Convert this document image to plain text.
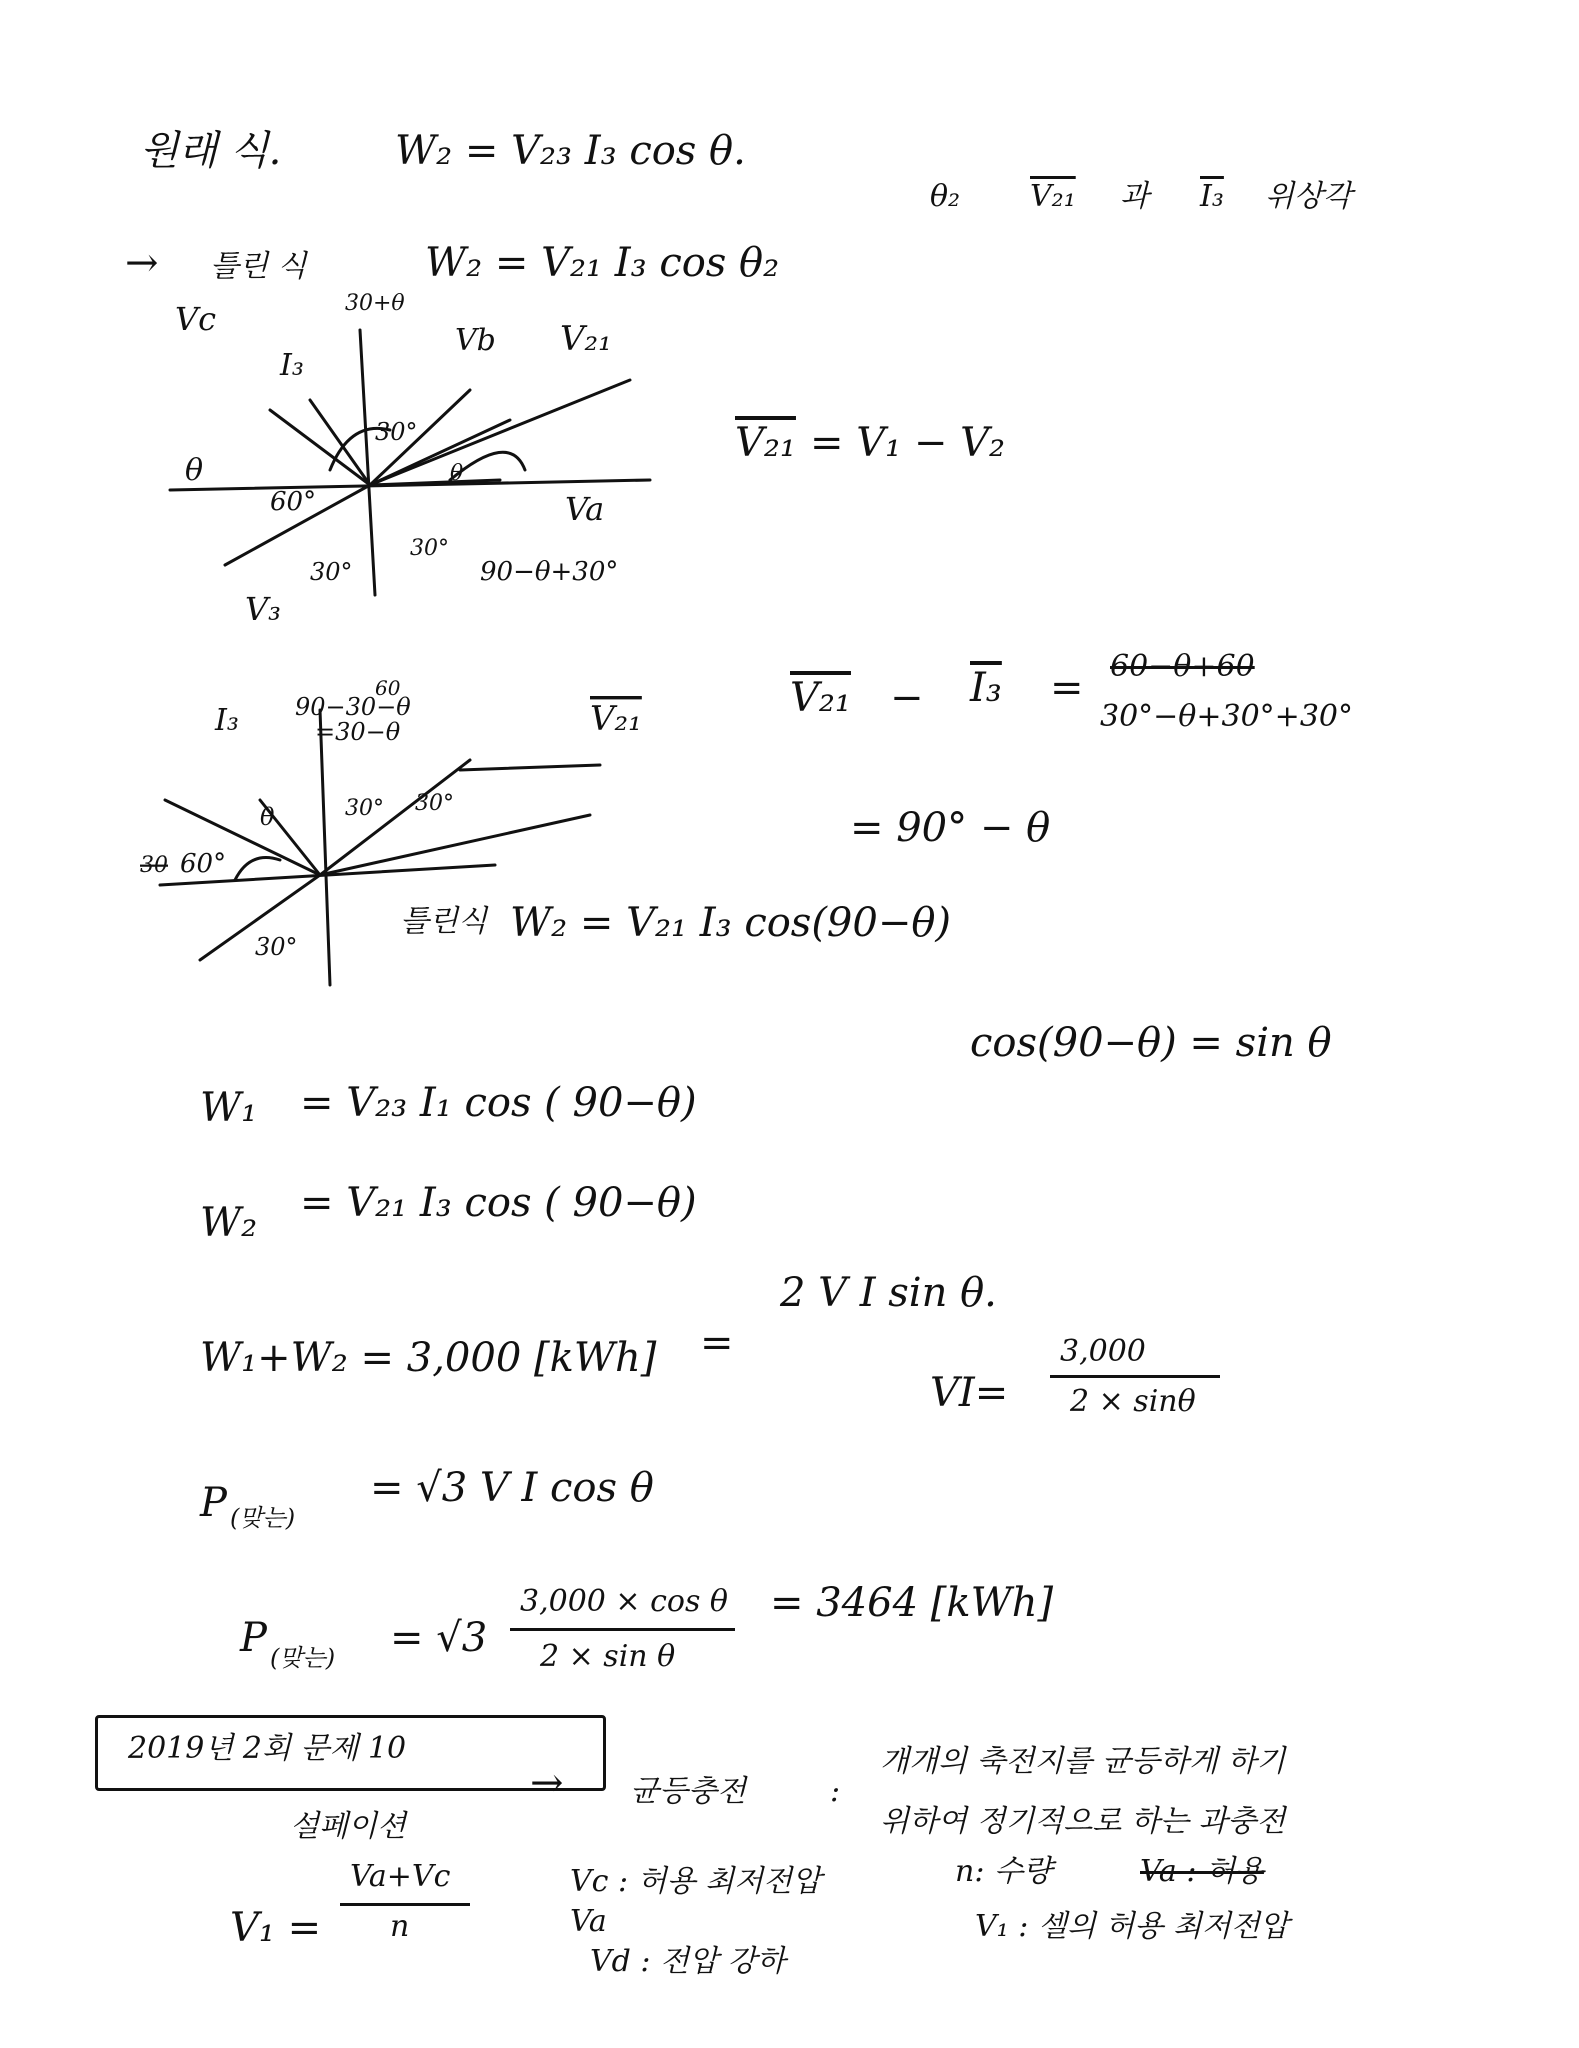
원래 식.	W₂ = V₂₃ I₃ cos θ.
θ₂ V₂₁ 과 I₃ 위상각
→ 틀린 식	W₂ = V₂₁ I₃ cos θ₂
Vc
I₃
30+θ
Vb V₂₁
θ
60°
30°
θ
Va
30°
30°
90−θ+30°
V₃
V₂₁ = V₁ − V₂
I₃ 90−30−θ
60
=30−θ	V₂₁
θ	30° 30°
30 60°
30°
V₂₁ − I₃ = 60−θ+60
30°−θ+30°+30°
= 90° − θ
틀린식 W₂ = V₂₁ I₃ cos(90−θ)
cos(90−θ) = sin θ
W₁ = V₂₃ I₁ cos ( 90−θ)
W₂ = V₂₁ I₃ cos ( 90−θ)
W₁+W₂ = 3,000 [kWh] =
2 V I sin θ.
VI=
3,000
2 × sinθ
P (맞는)
= √3 V I cos θ
P (맞는) = √3
3,000 × cos θ
2 × sin θ
= 3464 [kWh]
2019년 2회 문제 10
설페이션
→ 균등충전	:
개개의 축전지를 균등하게 하기
위하여 정기적으로 하는 과충전
V₁ =
Va+Vc
n
Vc : 허용 최저전압
Va
Vd : 전압 강하
n: 수량	Va : 허용
V₁ : 셀의 허용 최저전압
